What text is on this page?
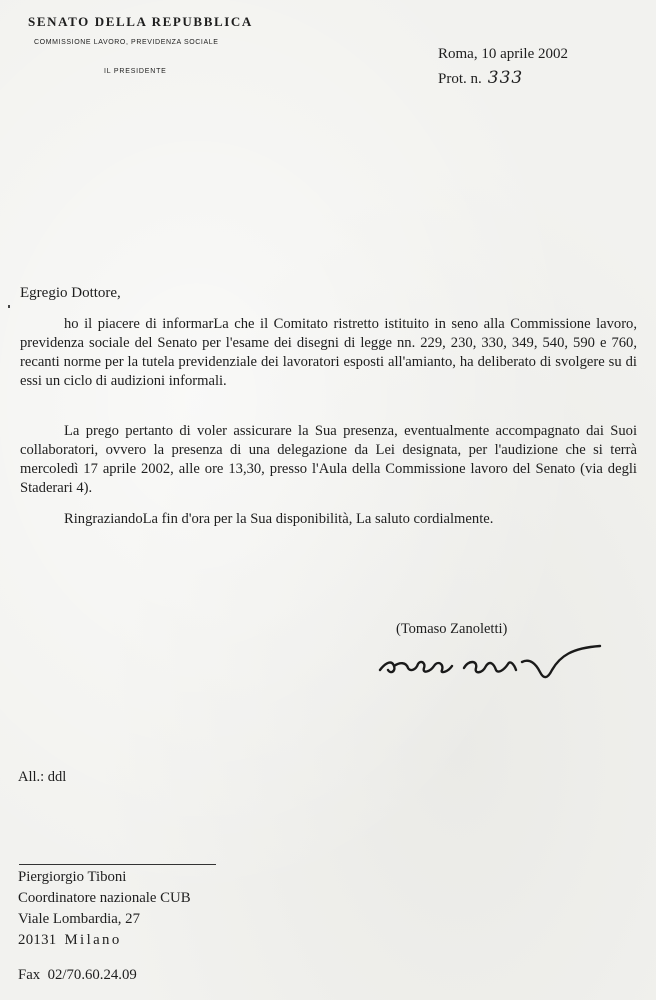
SENATO DELLA REPUBBLICA
COMMISSIONE LAVORO, PREVIDENZA SOCIALE
IL PRESIDENTE
Roma, 10 aprile 2002
Prot. n. 333
Egregio Dottore,

ho il piacere di informarLa che il Comitato ristretto istituito in seno alla Commissione lavoro, previdenza sociale del Senato per l'esame dei disegni di legge nn. 229, 230, 330, 349, 540, 590 e 760, recanti norme per la tutela previdenziale dei lavoratori esposti all'amianto, ha deliberato di svolgere su di essi un ciclo di audizioni informali.

La prego pertanto di voler assicurare la Sua presenza, eventualmente accompagnato dai Suoi collaboratori, ovvero la presenza di una delegazione da Lei designata, per l'audizione che si terrà mercoledì 17 aprile 2002, alle ore 13,30, presso l'Aula della Commissione lavoro del Senato (via degli Staderari 4).

RingraziandoLa fin d'ora per la Sua disponibilità, La saluto cordialmente.

(Tomaso Zanoletti)
All.: ddl
Piergiorgio Tiboni
Coordinatore nazionale CUB
Viale Lombardia, 27
20131 Milano
Fax 02/70.60.24.09
